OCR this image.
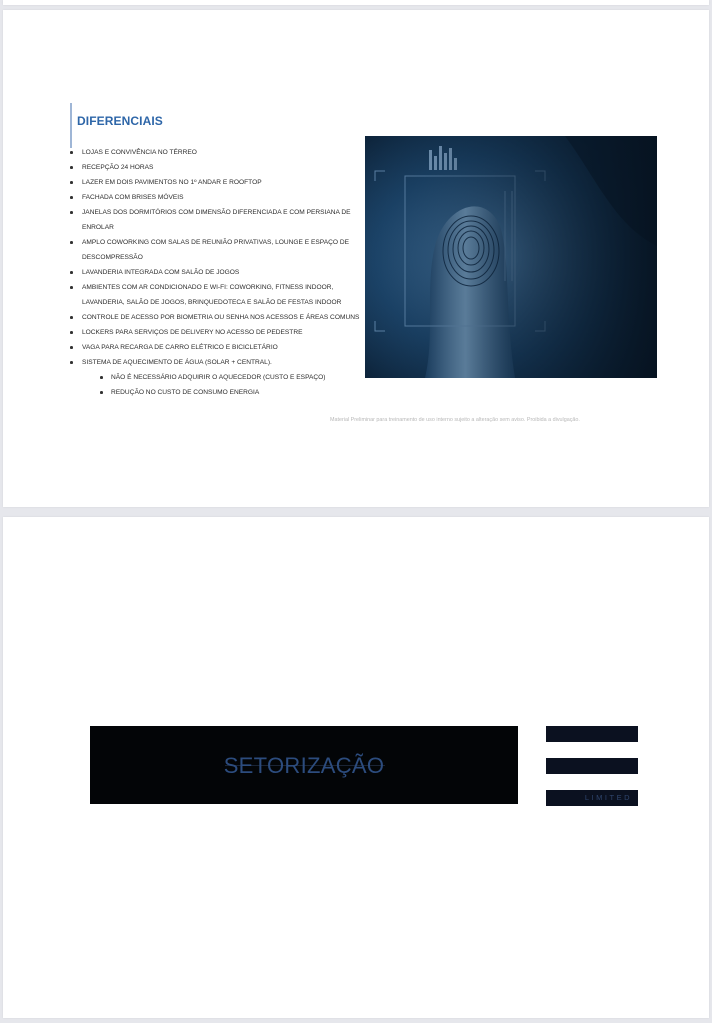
DIFERENCIAIS
LOJAS E CONVIVÊNCIA NO TÉRREO
RECEPÇÃO 24 HORAS
LAZER EM DOIS PAVIMENTOS NO 1º ANDAR E ROOFTOP
FACHADA COM BRISES MÓVEIS
JANELAS DOS DORMITÓRIOS COM DIMENSÃO DIFERENCIADA E COM PERSIANA DE ENROLAR
AMPLO COWORKING COM SALAS DE REUNIÃO PRIVATIVAS, LOUNGE E ESPAÇO DE DESCOMPRESSÃO
LAVANDERIA INTEGRADA COM SALÃO DE JOGOS
AMBIENTES COM AR CONDICIONADO E WI-FI: COWORKING, FITNESS INDOOR, LAVANDERIA, SALÃO DE JOGOS, BRINQUEDOTECA E SALÃO DE FESTAS INDOOR
CONTROLE DE ACESSO POR BIOMETRIA OU SENHA NOS ACESSOS E ÁREAS COMUNS
LOCKERS PARA SERVIÇOS DE DELIVERY NO ACESSO DE PEDESTRE
VAGA PARA RECARGA DE CARRO ELÉTRICO E BICICLETÁRIO
SISTEMA DE AQUECIMENTO DE ÁGUA (SOLAR + CENTRAL).
NÃO É NECESSÁRIO ADQUIRIR O AQUECEDOR (CUSTO E ESPAÇO)
REDUÇÃO NO CUSTO DE CONSUMO ENERGIA
Material Preliminar para treinamento de uso interno sujeito a alteração sem aviso. Proibida a divulgação.
SETORIZAÇÃO
LIMITED
